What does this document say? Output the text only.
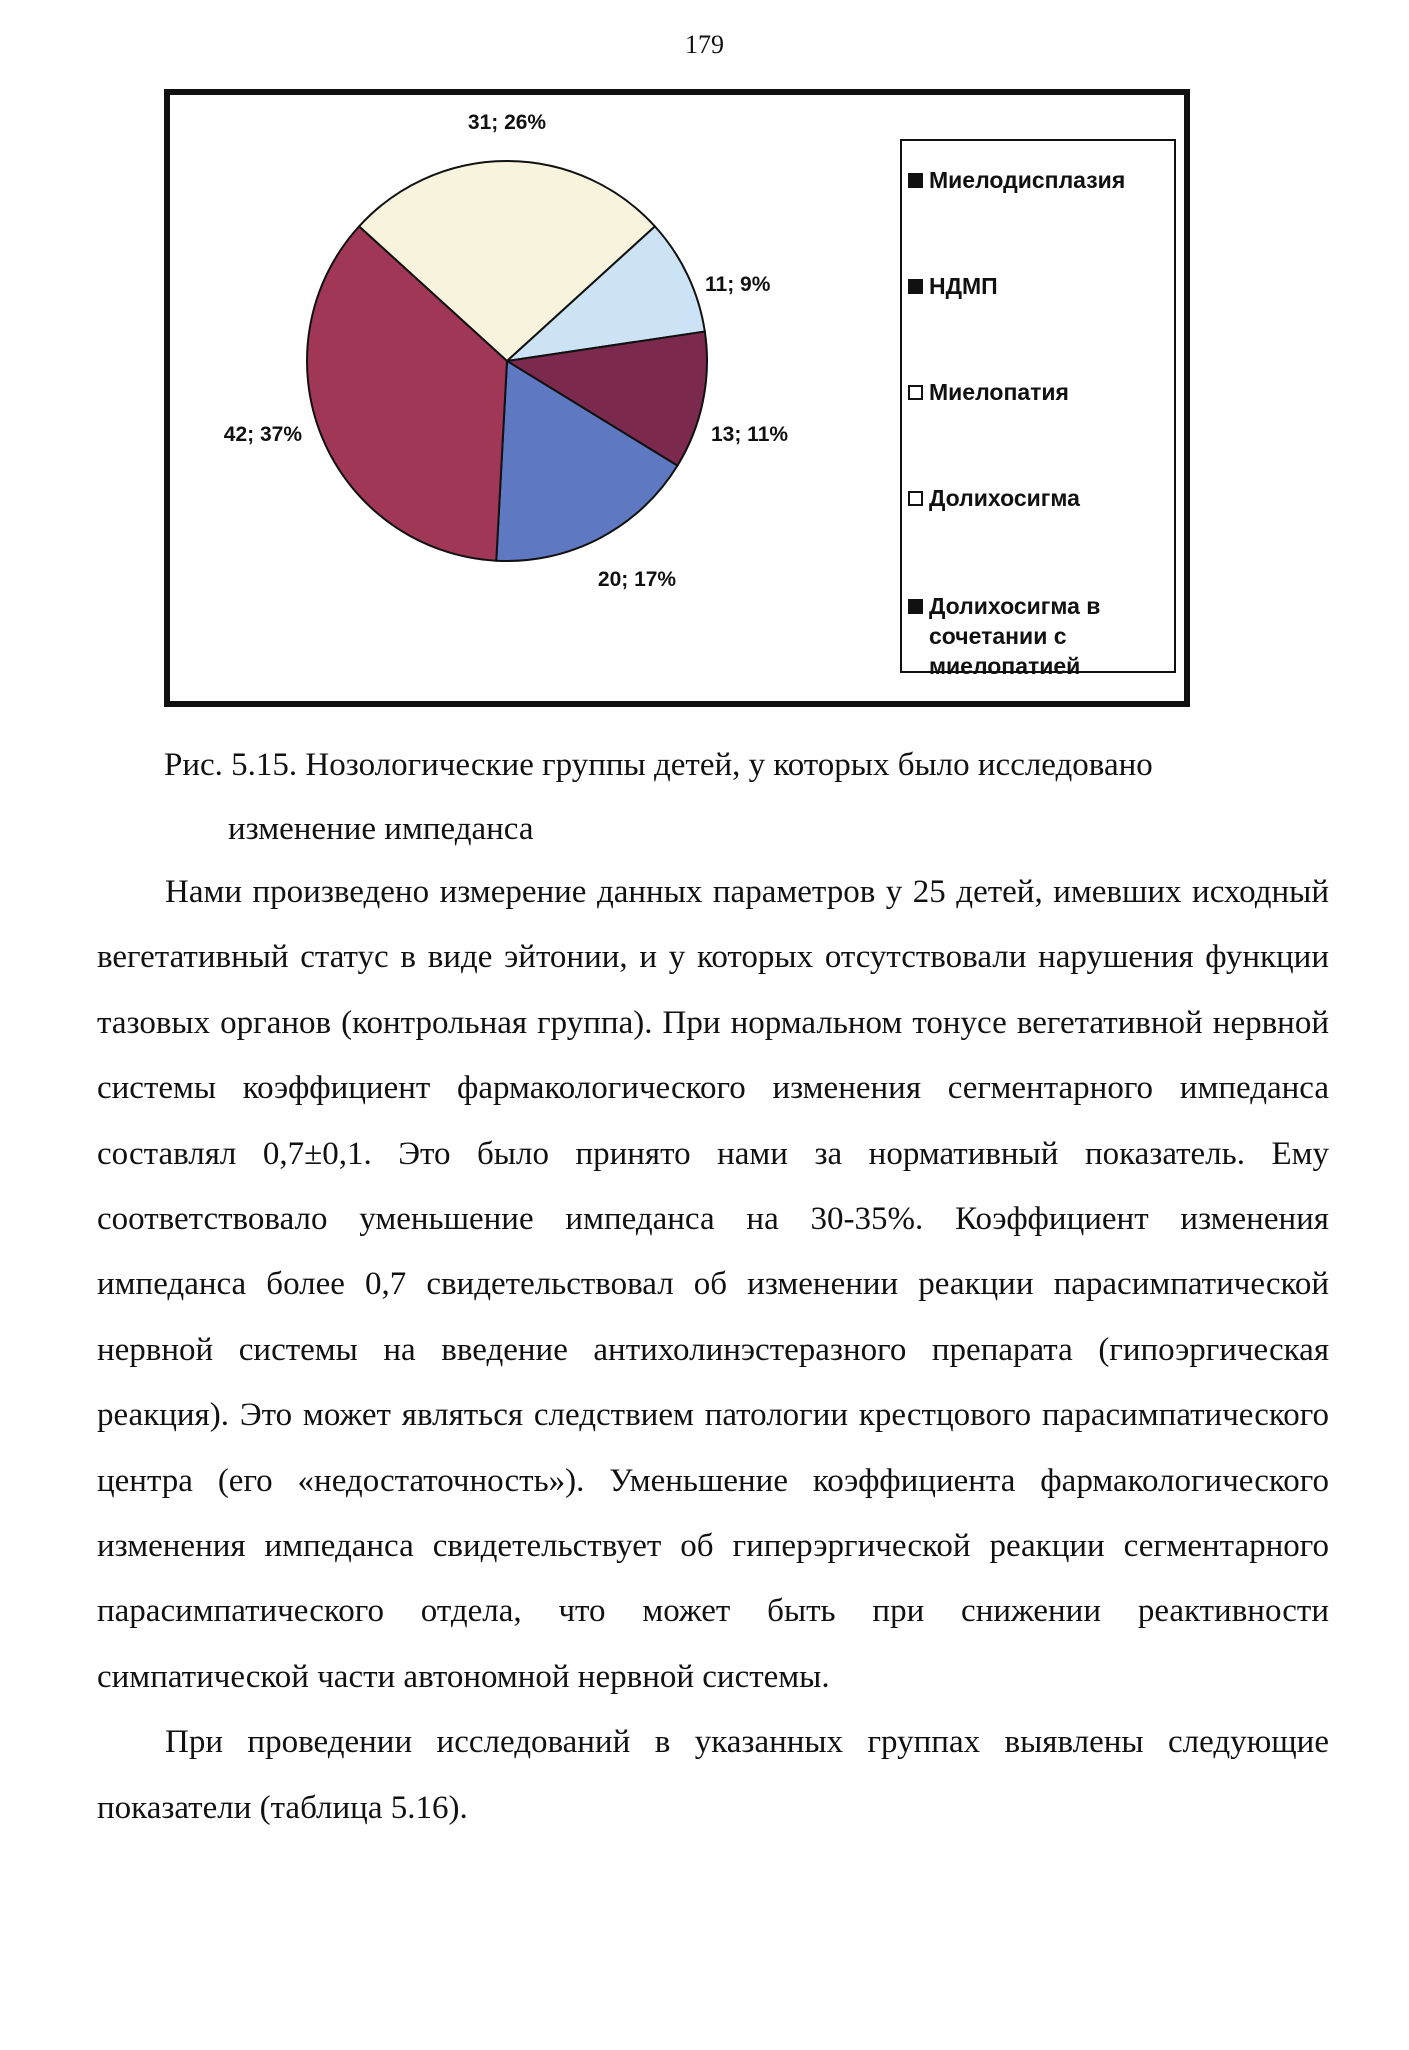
179
31; 26%
11; 9%
13; 11%
20; 17%
42; 37%
Миелодисплазия
НДМП
Миелопатия
Долихосигма
Долихосигма в сочетании с миелопатией
Рис. 5.15. Нозологические группы детей, у которых было исследовано
изменение импеданса

Нами произведено измерение данных параметров у 25 детей, имевших исходный вегетативный статус в виде эйтонии, и у которых отсутствовали нарушения функции тазовых органов (контрольная группа). При нормальном тонусе вегетативной нервной системы коэффициент фармакологического изменения сегментарного импеданса составлял 0,7±0,1. Это было принято нами за нормативный показатель. Ему соответствовало уменьшение импеданса на 30-35%. Коэффициент изменения импеданса более 0,7 свидетельствовал об изменении реакции парасимпатической нервной системы на введение антихолинэстеразного препарата (гипоэргическая реакция). Это может являться следствием патологии крестцового парасимпатического центра (его «недостаточность»). Уменьшение коэффициента фармакологического изменения импеданса свидетельствует об гиперэргической реакции сегментарного парасимпатического отдела, что может быть при снижении реактивности симпатической части автономной нервной системы.

При проведении исследований в указанных группах выявлены следующие показатели (таблица 5.16).
